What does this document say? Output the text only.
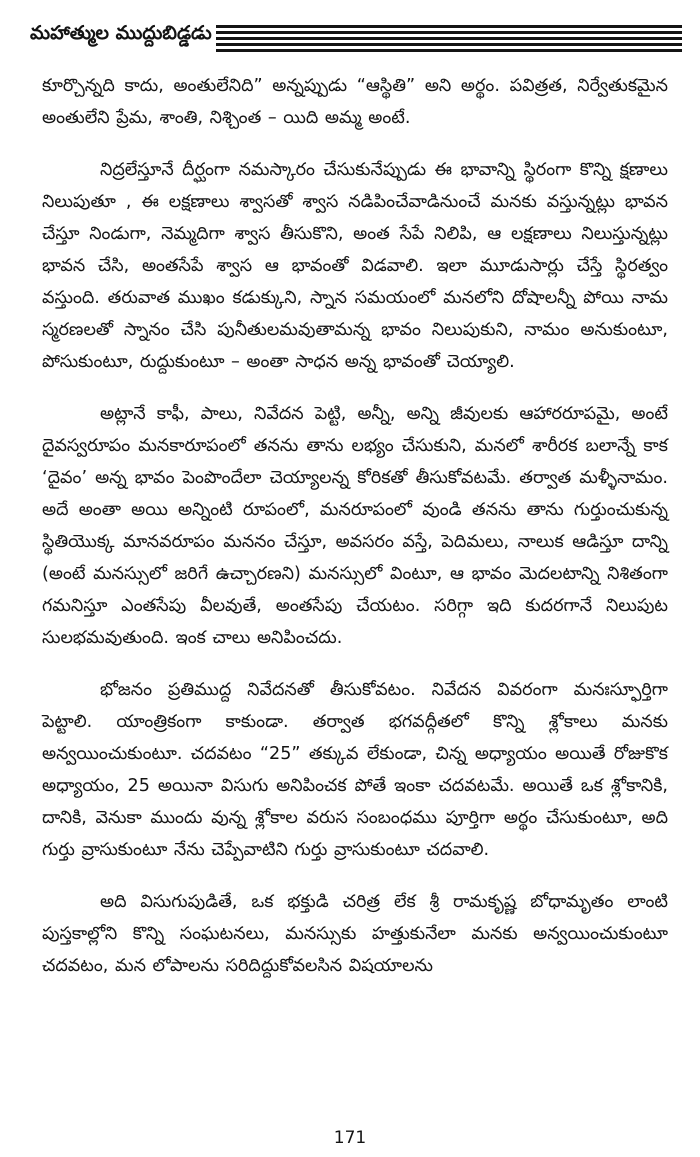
మహాత్ముల ముద్దుబిడ్డడు

కూర్చొన్నది కాదు, అంతులేనిది” అన్నప్పుడు “ఆస్థితి” అని అర్థం. పవిత్రత, నిర్వేతుకమైన అంతులేని ప్రేమ, శాంతి, నిశ్చింత – యిది అమ్మ అంటే.

నిద్రలేస్తూనే దీర్ఘంగా నమస్కారం చేసుకునేప్పుడు ఈ భావాన్ని స్థిరంగా కొన్ని క్షణాలు నిలుపుతూ , ఈ లక్షణాలు శ్వాసతో శ్వాస నడిపించేవాడినుంచే మనకు వస్తున్నట్లు భావన చేస్తూ నిండుగా, నెమ్మదిగా శ్వాస తీసుకొని, అంత సేపే నిలిపి, ఆ లక్షణాలు నిలుస్తున్నట్లు భావన చేసి, అంతసేపే శ్వాస ఆ భావంతో విడవాలి. ఇలా మూడుసార్లు చేస్తే స్థిరత్వం వస్తుంది. తరువాత ముఖం కడుక్కుని, స్నాన సమయంలో మనలోని దోషాలన్నీ పోయి నామ స్మరణలతో స్నానం చేసి పునీతులమవుతామన్న భావం నిలుపుకుని, నామం అనుకుంటూ, పోసుకుంటూ, రుద్దుకుంటూ – అంతా సాధన అన్న భావంతో చెయ్యాలి.

అట్లానే కాఫీ, పాలు, నివేదన పెట్టి, అన్నీ, అన్ని జీవులకు ఆహారరూపమై, అంటే దైవస్వరూపం మనకారూపంలో తనను తాను లభ్యం చేసుకుని, మనలో శారీరక బలాన్నే కాక ‘దైవం’ అన్న భావం పెంపొందేలా చెయ్యాలన్న కోరికతో తీసుకోవటమే. తర్వాత మళ్ళీనామం. అదే అంతా అయి అన్నింటి రూపంలో, మనరూపంలో వుండి తనను తాను గుర్తుంచుకున్న స్థితియొక్క మానవరూపం మననం చేస్తూ, అవసరం వస్తే, పెదిమలు, నాలుక ఆడిస్తూ దాన్ని (అంటే మనస్సులో జరిగే ఉచ్చారణని) మనస్సులో వింటూ, ఆ భావం మెదలటాన్ని నిశితంగా గమనిస్తూ ఎంతసేపు వీలవుతే, అంతసేపు చేయటం. సరిగ్గా ఇది కుదరగానే నిలుపుట సులభమవుతుంది. ఇంక చాలు అనిపించదు.

భోజనం ప్రతిముద్ద నివేదనతో తీసుకోవటం. నివేదన వివరంగా మనఃస్ఫూర్తిగా పెట్టాలి. యాంత్రికంగా కాకుండా. తర్వాత భగవద్గీతలో కొన్ని శ్లోకాలు మనకు అన్వయించుకుంటూ. చదవటం “25” తక్కువ లేకుండా, చిన్న అధ్యాయం అయితే రోజుకొక అధ్యాయం, 25 అయినా విసుగు అనిపించక పోతే ఇంకా చదవటమే. అయితే ఒక శ్లోకానికి, దానికి, వెనుకా ముందు వున్న శ్లోకాల వరుస సంబంధము పూర్తిగా అర్థం చేసుకుంటూ, అది గుర్తు వ్రాసుకుంటూ నేను చెప్పేవాటిని గుర్తు వ్రాసుకుంటూ చదవాలి.

అది విసుగుపుడితే, ఒక భక్తుడి చరిత్ర లేక శ్రీ రామకృష్ణ బోధామృతం లాంటి పుస్తకాల్లోని కొన్ని సంఘటనలు, మనస్సుకు హత్తుకునేలా మనకు అన్వయించుకుంటూ చదవటం, మన లోపాలను సరిదిద్దుకోవలసిన విషయాలను

171
